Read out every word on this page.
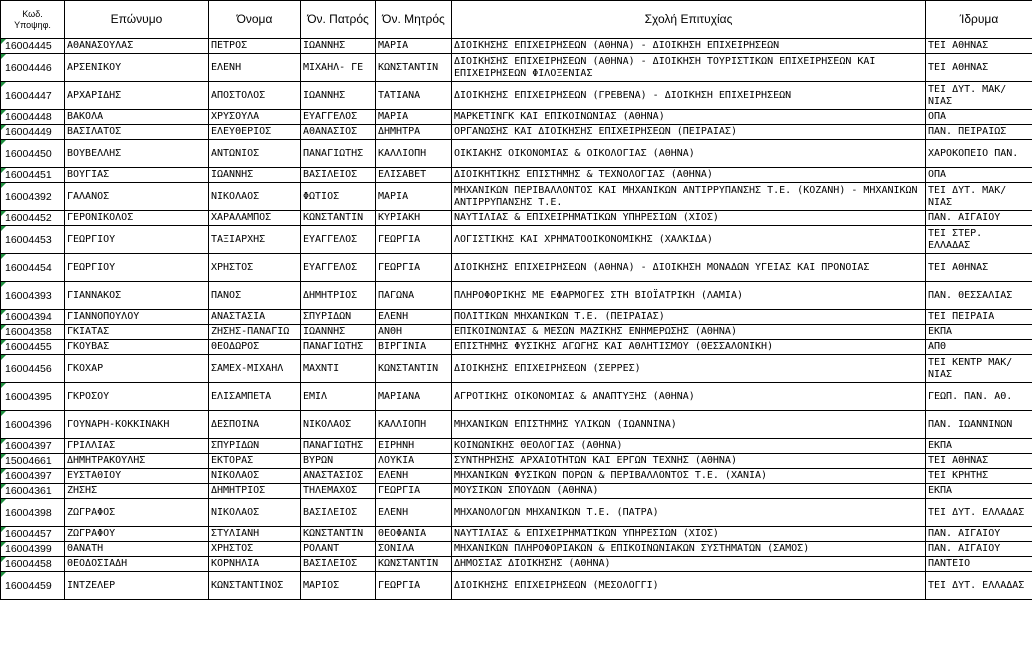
Κωδ. Υποψηφ.	Επώνυμο	Όνομα	Όν. Πατρός	Όν. Μητρός	Σχολή Επιτυχίας	Ίδρυμα
16004445	ΑΘΑΝΑΣΟΥΛΑΣ	ΠΕΤΡΟΣ	ΙΩΑΝΝΗΣ	ΜΑΡΙΑ	ΔΙΟΙΚΗΣΗΣ ΕΠΙΧΕΙΡΗΣΕΩΝ (ΑΘΗΝΑ) - ΔΙΟΙΚΗΣΗ ΕΠΙΧΕΙΡΗΣΕΩΝ	ΤΕΙ ΑΘΗΝΑΣ
16004446	ΑΡΣΕΝΙΚΟΥ	ΕΛΕΝΗ	ΜΙΧΑΗΛ- ΓΕ	ΚΩΝΣΤΑΝΤΙΝ	ΔΙΟΙΚΗΣΗΣ ΕΠΙΧΕΙΡΗΣΕΩΝ (ΑΘΗΝΑ) - ΔΙΟΙΚΗΣΗ ΤΟΥΡΙΣΤΙΚΩΝ ΕΠΙΧΕΙΡΗΣΕΩΝ ΚΑΙ ΕΠΙΧΕΙΡΗΣΕΩΝ ΦΙΛΟΞΕΝΙΑΣ	ΤΕΙ ΑΘΗΝΑΣ
16004447	ΑΡΧΑΡΙΔΗΣ	ΑΠΟΣΤΟΛΟΣ	ΙΩΑΝΝΗΣ	ΤΑΤΙΑΝΑ	ΔΙΟΙΚΗΣΗΣ ΕΠΙΧΕΙΡΗΣΕΩΝ (ΓΡΕΒΕΝΑ) - ΔΙΟΙΚΗΣΗ ΕΠΙΧΕΙΡΗΣΕΩΝ	ΤΕΙ ΔΥΤ. ΜΑΚ/ΝΙΑΣ
16004448	ΒΑΚΟΛΑ	ΧΡΥΣΟΥΛΑ	ΕΥΑΓΓΕΛΟΣ	ΜΑΡΙΑ	ΜΑΡΚΕΤΙΝΓΚ ΚΑΙ ΕΠΙΚΟΙΝΩΝΙΑΣ (ΑΘΗΝΑ)	ΟΠΑ
16004449	ΒΑΣΙΛΑΤΟΣ	ΕΛΕΥΘΕΡΙΟΣ	ΑΘΑΝΑΣΙΟΣ	ΔΗΜΗΤΡΑ	ΟΡΓΑΝΩΣΗΣ ΚΑΙ ΔΙΟΙΚΗΣΗΣ ΕΠΙΧΕΙΡΗΣΕΩΝ (ΠΕΙΡΑΙΑΣ)	ΠΑΝ. ΠΕΙΡΑΙΩΣ
16004450	ΒΟΥΒΕΛΛΗΣ	ΑΝΤΩΝΙΟΣ	ΠΑΝΑΓΙΩΤΗΣ	ΚΑΛΛΙΟΠΗ	ΟΙΚΙΑΚΗΣ ΟΙΚΟΝΟΜΙΑΣ & ΟΙΚΟΛΟΓΙΑΣ (ΑΘΗΝΑ)	ΧΑΡΟΚΟΠΕΙΟ ΠΑΝ.
16004451	ΒΟΥΓΙΑΣ	ΙΩΑΝΝΗΣ	ΒΑΣΙΛΕΙΟΣ	ΕΛΙΣΑΒΕΤ	ΔΙΟΙΚΗΤΙΚΗΣ ΕΠΙΣΤΗΜΗΣ & ΤΕΧΝΟΛΟΓΙΑΣ (ΑΘΗΝΑ)	ΟΠΑ
16004392	ΓΑΛΑΝΟΣ	ΝΙΚΟΛΑΟΣ	ΦΩΤΙΟΣ	ΜΑΡΙΑ	ΜΗΧΑΝΙΚΩΝ ΠΕΡΙΒΑΛΛΟΝΤΟΣ ΚΑΙ ΜΗΧΑΝΙΚΩΝ ΑΝΤΙΡΡΥΠΑΝΣΗΣ Τ.Ε. (ΚΟΖΑΝΗ) - ΜΗΧΑΝΙΚΩΝ ΑΝΤΙΡΡΥΠΑΝΣΗΣ Τ.Ε.	ΤΕΙ ΔΥΤ. ΜΑΚ/ΝΙΑΣ
16004452	ΓΕΡΟΝΙΚΟΛΟΣ	ΧΑΡΑΛΑΜΠΟΣ	ΚΩΝΣΤΑΝΤΙΝ	ΚΥΡΙΑΚΗ	ΝΑΥΤΙΛΙΑΣ & ΕΠΙΧΕΙΡΗΜΑΤΙΚΩΝ ΥΠΗΡΕΣΙΩΝ (ΧΙΟΣ)	ΠΑΝ. ΑΙΓΑΙΟΥ
16004453	ΓΕΩΡΓΙΟΥ	ΤΑΞΙΑΡΧΗΣ	ΕΥΑΓΓΕΛΟΣ	ΓΕΩΡΓΙΑ	ΛΟΓΙΣΤΙΚΗΣ ΚΑΙ ΧΡΗΜΑΤΟΟΙΚΟΝΟΜΙΚΗΣ (ΧΑΛΚΙΔΑ)	ΤΕΙ ΣΤΕΡ. ΕΛΛΑΔΑΣ
16004454	ΓΕΩΡΓΙΟΥ	ΧΡΗΣΤΟΣ	ΕΥΑΓΓΕΛΟΣ	ΓΕΩΡΓΙΑ	ΔΙΟΙΚΗΣΗΣ ΕΠΙΧΕΙΡΗΣΕΩΝ (ΑΘΗΝΑ) - ΔΙΟΙΚΗΣΗ ΜΟΝΑΔΩΝ ΥΓΕΙΑΣ ΚΑΙ ΠΡΟΝΟΙΑΣ	ΤΕΙ ΑΘΗΝΑΣ
16004393	ΓΙΑΝΝΑΚΟΣ	ΠΑΝΟΣ	ΔΗΜΗΤΡΙΟΣ	ΠΑΓΩΝΑ	ΠΛΗΡΟΦΟΡΙΚΗΣ ΜΕ ΕΦΑΡΜΟΓΕΣ ΣΤΗ ΒΙΟΪΑΤΡΙΚΗ (ΛΑΜΙΑ)	ΠΑΝ. ΘΕΣΣΑΛΙΑΣ
16004394	ΓΙΑΝΝΟΠΟΥΛΟΥ	ΑΝΑΣΤΑΣΙΑ	ΣΠΥΡΙΔΩΝ	ΕΛΕΝΗ	ΠΟΛΙΤΙΚΩΝ ΜΗΧΑΝΙΚΩΝ Τ.Ε. (ΠΕΙΡΑΙΑΣ)	ΤΕΙ ΠΕΙΡΑΙΑ
16004358	ΓΚΙΑΤΑΣ	ΖΗΣΗΣ-ΠΑΝΑΓΙΩ	ΙΩΑΝΝΗΣ	ΑΝΘΗ	ΕΠΙΚΟΙΝΩΝΙΑΣ & ΜΕΣΩΝ ΜΑΖΙΚΗΣ ΕΝΗΜΕΡΩΣΗΣ (ΑΘΗΝΑ)	ΕΚΠΑ
16004455	ΓΚΟΥΒΑΣ	ΘΕΟΔΩΡΟΣ	ΠΑΝΑΓΙΩΤΗΣ	ΒΙΡΓΙΝΙΑ	ΕΠΙΣΤΗΜΗΣ ΦΥΣΙΚΗΣ ΑΓΩΓΗΣ ΚΑΙ ΑΘΛΗΤΙΣΜΟΥ (ΘΕΣΣΑΛΟΝΙΚΗ)	ΑΠΘ
16004456	ΓΚΟΧΑΡ	ΣΑΜΕΧ-ΜΙΧΑΗΛ	ΜΑΧΝΤΙ	ΚΩΝΣΤΑΝΤΙΝ	ΔΙΟΙΚΗΣΗΣ ΕΠΙΧΕΙΡΗΣΕΩΝ (ΣΕΡΡΕΣ)	ΤΕΙ ΚΕΝΤΡ ΜΑΚ/ΝΙΑΣ
16004395	ΓΚΡΟΣΟΥ	ΕΛΙΣΑΜΠΕΤΑ	ΕΜΙΛ	ΜΑΡΙΑΝΑ	ΑΓΡΟΤΙΚΗΣ ΟΙΚΟΝΟΜΙΑΣ & ΑΝΑΠΤΥΞΗΣ (ΑΘΗΝΑ)	ΓΕΩΠ. ΠΑΝ. ΑΘ.
16004396	ΓΟΥΝΑΡΗ-ΚΟΚΚΙΝΑΚΗ	ΔΕΣΠΟΙΝΑ	ΝΙΚΟΛΑΟΣ	ΚΑΛΛΙΟΠΗ	ΜΗΧΑΝΙΚΩΝ ΕΠΙΣΤΗΜΗΣ ΥΛΙΚΩΝ (ΙΩΑΝΝΙΝΑ)	ΠΑΝ. ΙΩΑΝΝΙΝΩΝ
16004397	ΓΡΙΛΛΙΑΣ	ΣΠΥΡΙΔΩΝ	ΠΑΝΑΓΙΩΤΗΣ	ΕΙΡΗΝΗ	ΚΟΙΝΩΝΙΚΗΣ ΘΕΟΛΟΓΙΑΣ (ΑΘΗΝΑ)	ΕΚΠΑ
15004661	ΔΗΜΗΤΡΑΚΟΥΛΗΣ	ΕΚΤΟΡΑΣ	ΒΥΡΩΝ	ΛΟΥΚΙΑ	ΣΥΝΤΗΡΗΣΗΣ ΑΡΧΑΙΟΤΗΤΩΝ ΚΑΙ ΕΡΓΩΝ ΤΕΧΝΗΣ (ΑΘΗΝΑ)	ΤΕΙ ΑΘΗΝΑΣ
16004397	ΕΥΣΤΑΘΙΟΥ	ΝΙΚΟΛΑΟΣ	ΑΝΑΣΤΑΣΙΟΣ	ΕΛΕΝΗ	ΜΗΧΑΝΙΚΩΝ ΦΥΣΙΚΩΝ ΠΟΡΩΝ & ΠΕΡΙΒΑΛΛΟΝΤΟΣ Τ.Ε. (ΧΑΝΙΑ)	ΤΕΙ ΚΡΗΤΗΣ
16004361	ΖΗΣΗΣ	ΔΗΜΗΤΡΙΟΣ	ΤΗΛΕΜΑΧΟΣ	ΓΕΩΡΓΙΑ	ΜΟΥΣΙΚΩΝ ΣΠΟΥΔΩΝ (ΑΘΗΝΑ)	ΕΚΠΑ
16004398	ΖΩΓΡΑΦΟΣ	ΝΙΚΟΛΑΟΣ	ΒΑΣΙΛΕΙΟΣ	ΕΛΕΝΗ	ΜΗΧΑΝΟΛΟΓΩΝ ΜΗΧΑΝΙΚΩΝ Τ.Ε. (ΠΑΤΡΑ)	ΤΕΙ ΔΥΤ. ΕΛΛΑΔΑΣ
16004457	ΖΩΓΡΑΦΟΥ	ΣΤΥΛΙΑΝΗ	ΚΩΝΣΤΑΝΤΙΝ	ΘΕΟΦΑΝΙΑ	ΝΑΥΤΙΛΙΑΣ & ΕΠΙΧΕΙΡΗΜΑΤΙΚΩΝ ΥΠΗΡΕΣΙΩΝ (ΧΙΟΣ)	ΠΑΝ. ΑΙΓΑΙΟΥ
16004399	ΘΑΝΑΤΗ	ΧΡΗΣΤΟΣ	ΡΟΛΑΝΤ	ΣΟΝΙΛΑ	ΜΗΧΑΝΙΚΩΝ ΠΛΗΡΟΦΟΡΙΑΚΩΝ & ΕΠΙΚΟΙΝΩΝΙΑΚΩΝ ΣΥΣΤΗΜΑΤΩΝ (ΣΑΜΟΣ)	ΠΑΝ. ΑΙΓΑΙΟΥ
16004458	ΘΕΟΔΟΣΙΑΔΗ	ΚΟΡΝΗΛΙΑ	ΒΑΣΙΛΕΙΟΣ	ΚΩΝΣΤΑΝΤΙΝ	ΔΗΜΟΣΙΑΣ ΔΙΟΙΚΗΣΗΣ (ΑΘΗΝΑ)	ΠΑΝΤΕΙΟ
16004459	ΙΝΤΖΕΛΕΡ	ΚΩΝΣΤΑΝΤΙΝΟΣ	ΜΑΡΙΟΣ	ΓΕΩΡΓΙΑ	ΔΙΟΙΚΗΣΗΣ ΕΠΙΧΕΙΡΗΣΕΩΝ (ΜΕΣΟΛΟΓΓΙ)	ΤΕΙ ΔΥΤ. ΕΛΛΑΔΑΣ
